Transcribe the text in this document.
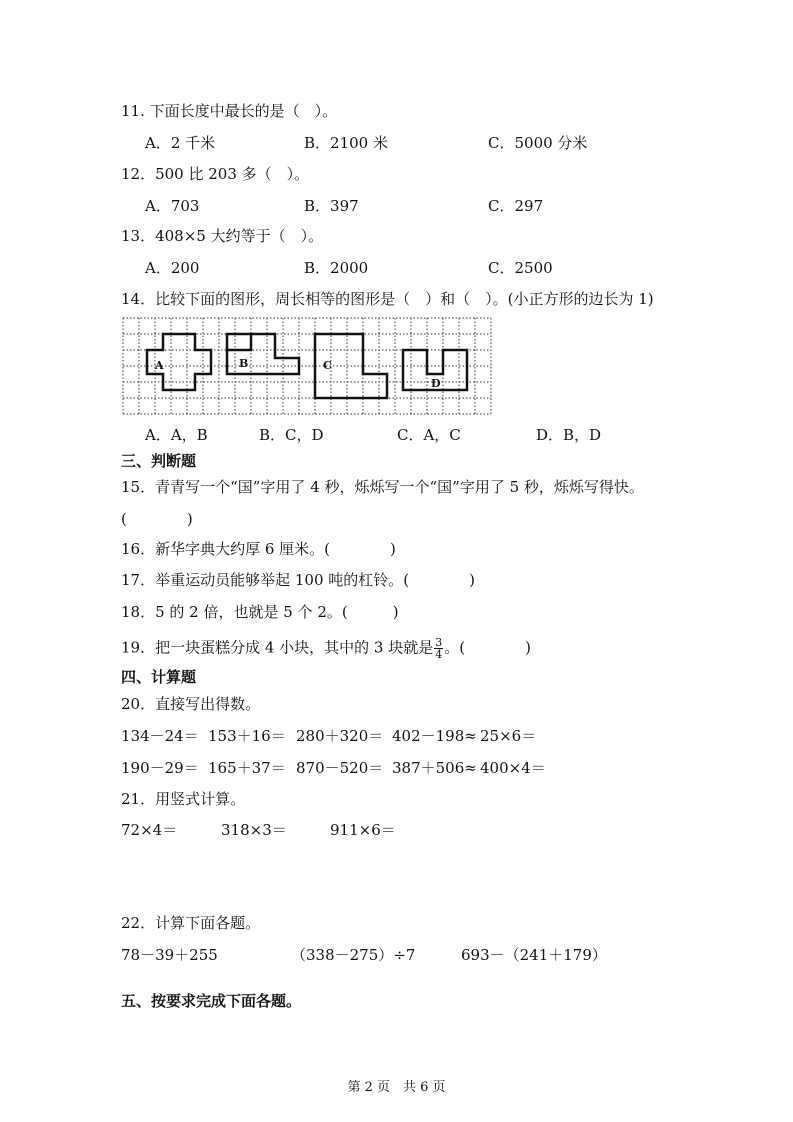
11. 下面长度中最长的是（　）。
A．2 千米	B．2100 米	C．5000 分米
12．500 比 203 多（　）。
A．703	B．397	C．297
13．408×5 大约等于（　）。
A．200	B．2000	C．2500
14．比较下面的图形，周长相等的图形是（　）和（　）。(小正方形的边长为 1)
A	B	C
D
A．A，B	B．C，D	C．A，C	D．B，D
三、判断题
15．青青写一个“国”字用了 4 秒，烁烁写一个“国”字用了 5 秒，烁烁写得快。
(　　　　)
16．新华字典大约厚 6 厘米。(　　　　)
17．举重运动员能够举起 100 吨的杠铃。(　　　　)
18．5 的 2 倍，也就是 5 个 2。(　　　)
19．把一块蛋糕分成 4 小块，其中的 3 块就是 $\frac{3}{4}$ 。(　　　　)
四、计算题
20．直接写出得数。
134－24＝ 153＋16＝ 280＋320＝ 402－198≈ 25×6＝
190－29＝ 165＋37＝ 870－520＝ 387＋506≈ 400×4＝
21．用竖式计算。
72×4＝	318×3＝	911×6＝
22．计算下面各题。
78－39＋255	（338－275）÷7	693－（241＋179）
五、按要求完成下面各题。
第 2 页　共 6 页
